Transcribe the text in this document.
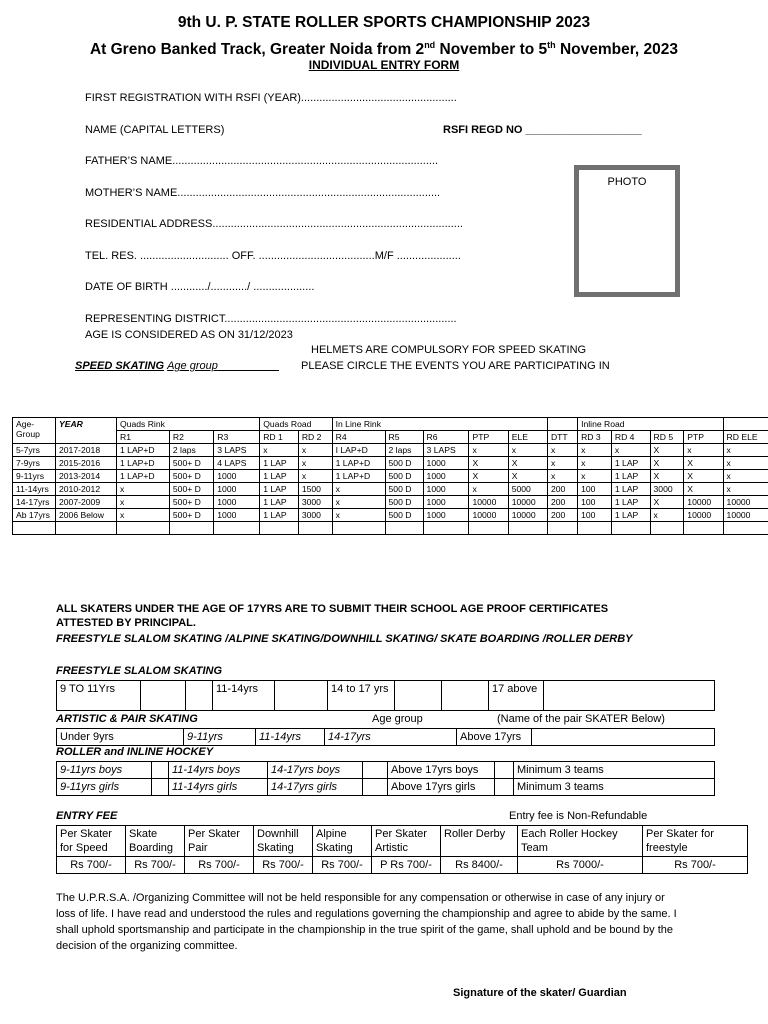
9th U. P. STATE ROLLER SPORTS CHAMPIONSHIP 2023
At Greno Banked Track, Greater Noida from 2nd November to 5th November, 2023
INDIVIDUAL ENTRY FORM
FIRST REGISTRATION WITH RSFI (YEAR)...................................................
NAME (CAPITAL LETTERS)	RSFI REGD NO ___________________
FATHER’S NAME.......................................................................................
MOTHER’S NAME......................................................................................
RESIDENTIAL ADDRESS..................................................................................
TEL. RES. ............................. OFF. ......................................M/F .....................
DATE OF BIRTH ............/............/ ....................
REPRESENTING DISTRICT............................................................................
AGE IS CONSIDERED AS ON 31/12/2023
PHOTO
HELMETS ARE COMPULSORY FOR SPEED SKATING
SPEED SKATING Age group	PLEASE CIRCLE THE EVENTS YOU ARE PARTICIPATING IN
Age-Group	YEAR	Quads Rink			Quads Road		In Line Rink						Inline Road				
		R1	R2	R3	RD 1	RD 2	R4	R5	R6	PTP	ELE	DTT	RD 3	RD 4	RD 5	PTP	RD ELE
5-7yrs	2017-2018	1 LAP+D	2 laps	3 LAPS	x	x	I LAP+D	2 laps	3 LAPS	x	x	x	x	x	X	x	x
7-9yrs	2015-2016	1 LAP+D	500+ D	4 LAPS	1 LAP	x	1 LAP+D	500 D	1000	X	X	x	x	1 LAP	X	X	x
9-11yrs	2013-2014	1 LAP+D	500+ D	1000	1 LAP	x	1 LAP+D	500 D	1000	X	X	x	x	1 LAP	X	X	x
11-14yrs	2010-2012	x	500+ D	1000	1 LAP	1500	x	500 D	1000	x	5000	200	100	1 LAP	3000	X	x
14-17yrs	2007-2009	x	500+ D	1000	1 LAP	3000	x	500 D	1000	10000	10000	200	100	1 LAP	X	10000	10000
Ab 17yrs	2006 Below	x	500+ D	1000	1 LAP	3000	x	500 D	1000	10000	10000	200	100	1 LAP	x	10000	10000

ALL SKATERS UNDER THE AGE OF 17YRS ARE TO SUBMIT THEIR SCHOOL AGE PROOF CERTIFICATES ATTESTED BY PRINCIPAL.
FREESTYLE SLALOM SKATING /ALPINE SKATING/DOWNHILL SKATING/ SKATE BOARDING /ROLLER DERBY
FREESTYLE SLALOM SKATING
9 TO 11Yrs			11-14yrs		14 to 17 yrs			17 above	
ARTISTIC & PAIR SKATING	Age group	(Name of the pair SKATER Below)
Under 9yrs	9-11yrs	11-14yrs	14-17yrs	Above 17yrs	
ROLLER and INLINE HOCKEY
9-11yrs boys		11-14yrs boys	14-17yrs boys		Above 17yrs boys		Minimum 3 teams
9-11yrs girls		11-14yrs girls	14-17yrs girls		Above 17yrs girls		Minimum 3 teams
ENTRY FEE	Entry fee is Non-Refundable
Per Skater for Speed	Skate Boarding	Per Skater Pair	Downhill Skating	Alpine Skating	Per Skater Artistic	Roller Derby	Each Roller Hockey Team	Per Skater for freestyle
Rs 700/-	Rs 700/-	Rs 700/-	Rs 700/-	Rs 700/-	P Rs 700/-	Rs 8400/-	Rs 7000/-	Rs 700/-
The U.P.R.S.A. /Organizing Committee will not be held responsible for any compensation or otherwise in case of any injury or loss of life. I have read and understood the rules and regulations governing the championship and agree to abide by the same. I shall uphold sportsmanship and participate in the championship in the true spirit of the game, shall uphold and be bound by the decision of the organizing committee.
Signature of the skater/ Guardian
